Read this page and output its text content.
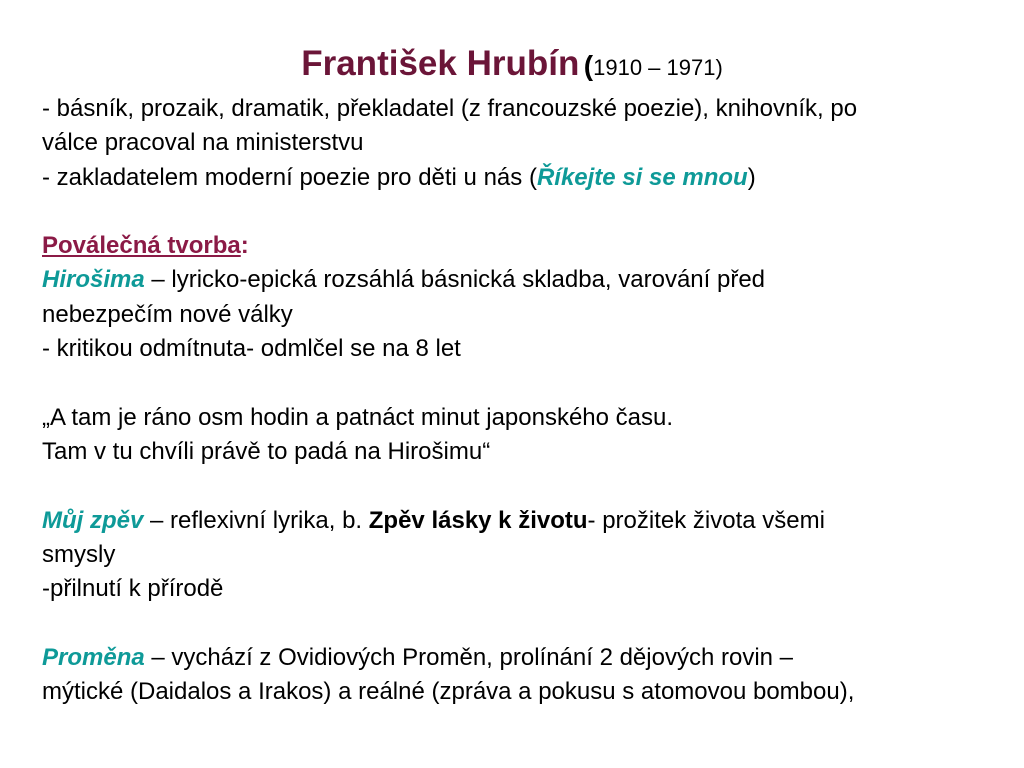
František Hrubín (1910 – 1971)
- básník, prozaik, dramatik, překladatel (z francouzské poezie), knihovník, po
válce pracoval na ministerstvu
- zakladatelem moderní poezie pro děti u nás (Říkejte si se mnou)
Poválečná tvorba:
Hirošima – lyricko-epická rozsáhlá básnická skladba, varování před
nebezpečím nové války
- kritikou odmítnuta- odmlčel se na 8 let
„A tam je ráno osm hodin a patnáct minut japonského času.
Tam v tu chvíli právě to padá na Hirošimu“
Můj zpěv – reflexivní lyrika, b. Zpěv lásky k životu- prožitek života všemi
smysly
-přilnutí k přírodě
Proměna – vychází z Ovidiových Proměn, prolínání 2 dějových rovin –
mýtické (Daidalos a Irakos) a reálné (zpráva a pokusu s atomovou bombou),
